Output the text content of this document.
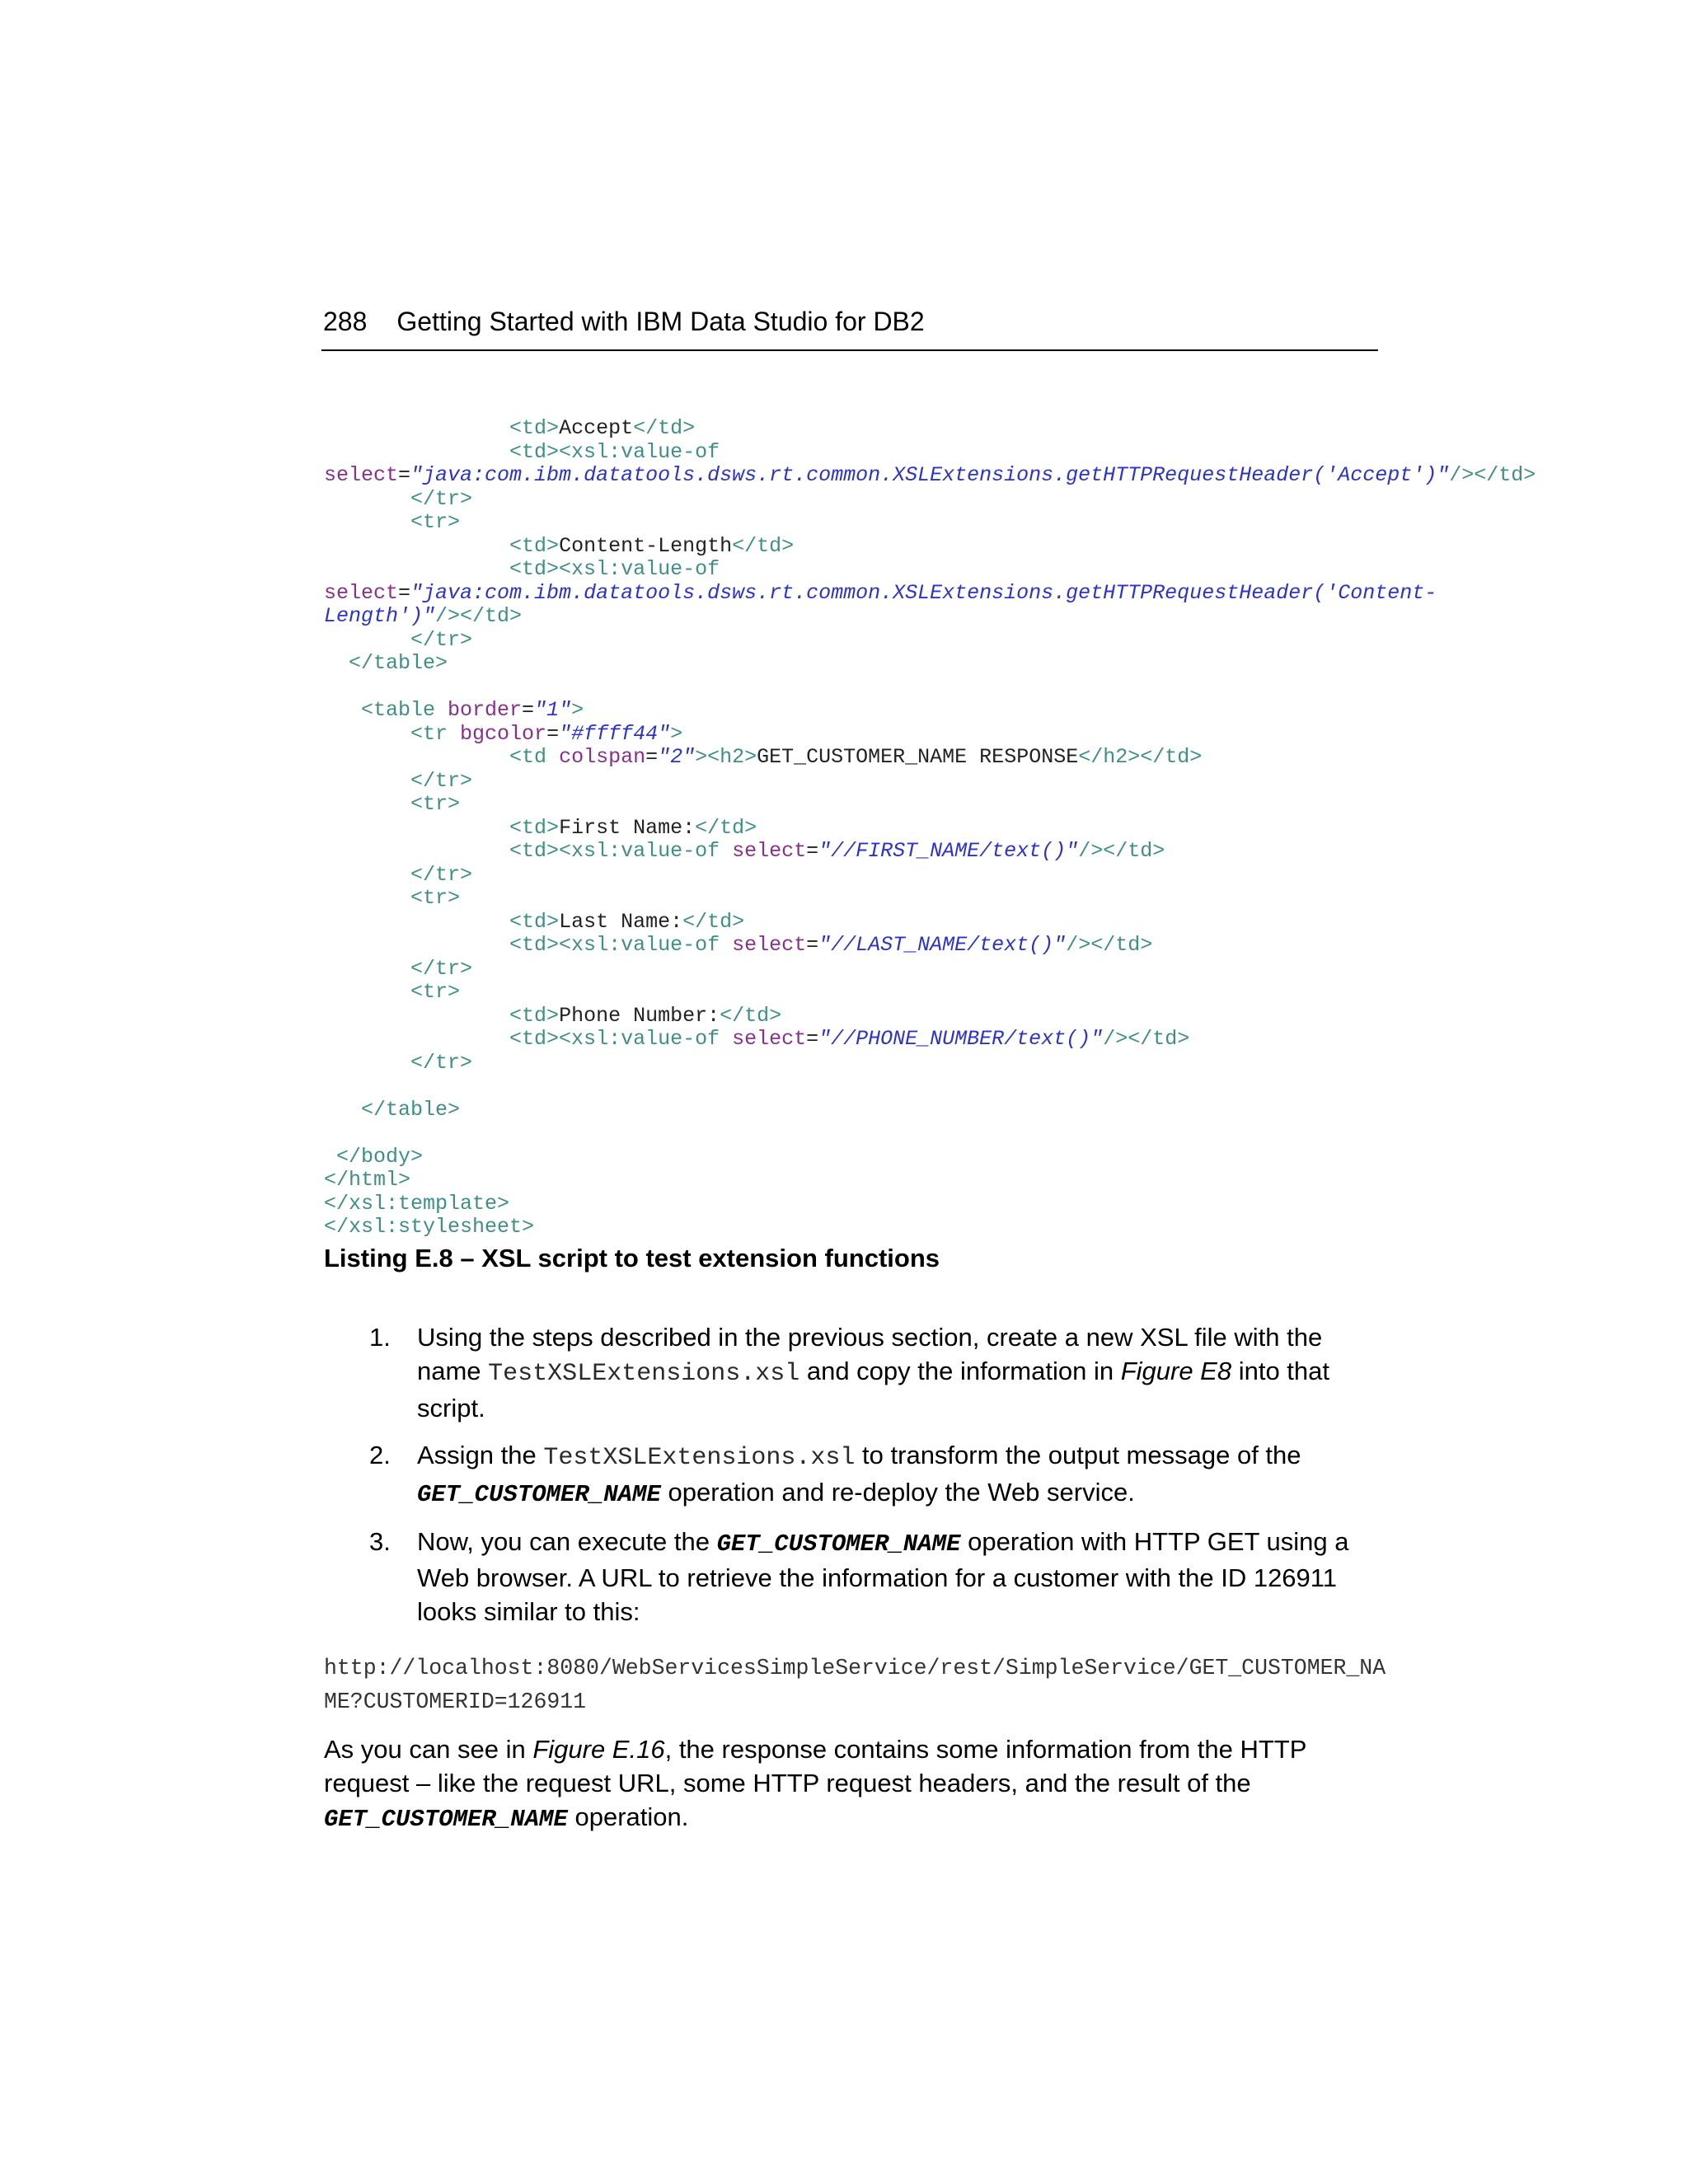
288 Getting Started with IBM Data Studio for DB2
<td>Accept</td>
<td><xsl:value-of
select="java:com.ibm.datatools.dsws.rt.common.XSLExtensions.getHTTPRequestHeader('Accept')"/></td>
</tr>
<tr>
<td>Content-Length</td>
<td><xsl:value-of
select="java:com.ibm.datatools.dsws.rt.common.XSLExtensions.getHTTPRequestHeader('Content-
Length')"/></td>
</tr>
</table>
<table border="1">
<tr bgcolor="#ffff44">
<td colspan="2"><h2>GET_CUSTOMER_NAME RESPONSE</h2></td>
</tr>
<tr>
<td>First Name:</td>
<td><xsl:value-of select="//FIRST_NAME/text()"/></td>
</tr>
<tr>
<td>Last Name:</td>
<td><xsl:value-of select="//LAST_NAME/text()"/></td>
</tr>
<tr>
<td>Phone Number:</td>
<td><xsl:value-of select="//PHONE_NUMBER/text()"/></td>
</tr>
</table>
</body>
</html>
</xsl:template>
</xsl:stylesheet>
Listing E.8 – XSL script to test extension functions
1. Using the steps described in the previous section, create a new XSL file with the name TestXSLExtensions.xsl and copy the information in Figure E8 into that script.
2. Assign the TestXSLExtensions.xsl to transform the output message of the GET_CUSTOMER_NAME operation and re-deploy the Web service.
3. Now, you can execute the GET_CUSTOMER_NAME operation with HTTP GET using a Web browser. A URL to retrieve the information for a customer with the ID 126911 looks similar to this:
http://localhost:8080/WebServicesSimpleService/rest/SimpleService/GET_CUSTOMER_NAME?CUSTOMERID=126911
As you can see in Figure E.16, the response contains some information from the HTTP request – like the request URL, some HTTP request headers, and the result of the GET_CUSTOMER_NAME operation.
